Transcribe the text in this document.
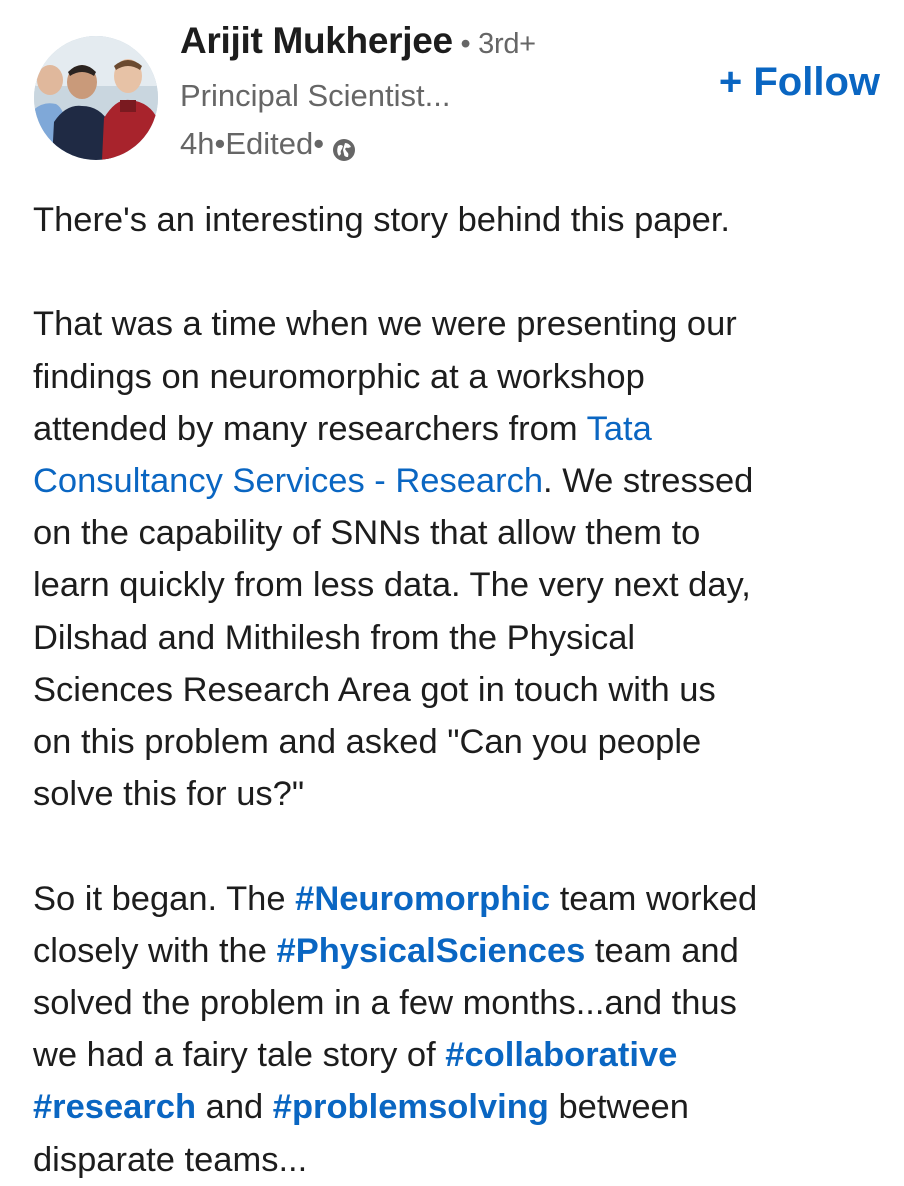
Arijit Mukherjee • 3rd+
Principal Scientist...
4h • Edited •
+ Follow

There's an interesting story behind this paper.

That was a time when we were presenting our
findings on neuromorphic at a workshop
attended by many researchers from Tata
Consultancy Services - Research. We stressed
on the capability of SNNs that allow them to
learn quickly from less data. The very next day,
Dilshad and Mithilesh from the Physical
Sciences Research Area got in touch with us
on this problem and asked "Can you people
solve this for us?"

So it began. The #Neuromorphic team worked
closely with the #PhysicalSciences team and
solved the problem in a few months...and thus
we had a fairy tale story of #collaborative
#research and #problemsolving between
disparate teams...
